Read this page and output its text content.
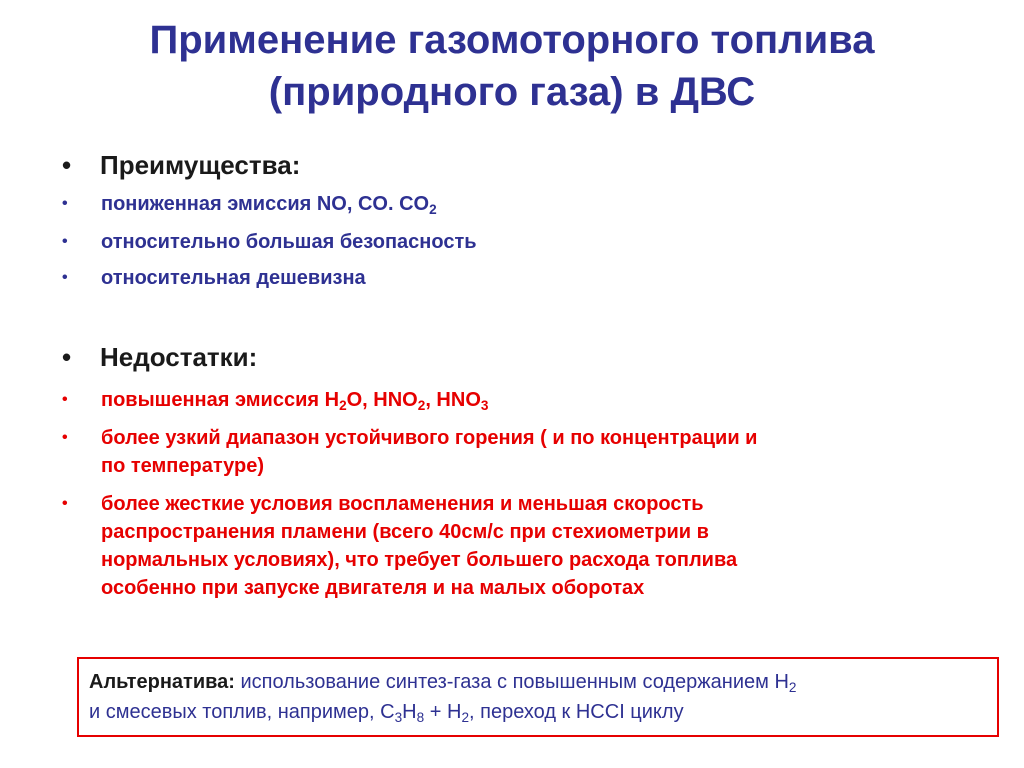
Применение газомоторного топлива
(природного газа) в ДВС
• Преимущества:
• пониженная эмиссия NO, CO. $CO_2$
• относительно большая безопасность
• относительная дешевизна
• Недостатки:
• повышенная эмиссия $H_2O$, $HNO_2$, $HNO_3$
• более узкий диапазон устойчивого горения ( и по концентрации и
по температуре)
• более жесткие условия воспламенения и меньшая скорость
распространения пламени (всего 40см/с при стехиометрии в
нормальных условиях), что требует большего расхода топлива
особенно при запуске двигателя и на малых оборотах
Альтернатива: использование синтез-газа с повышенным содержанием $H_2$
и смесевых топлив, например, $C_3H_8 + H_2$, переход к HCCI циклу
